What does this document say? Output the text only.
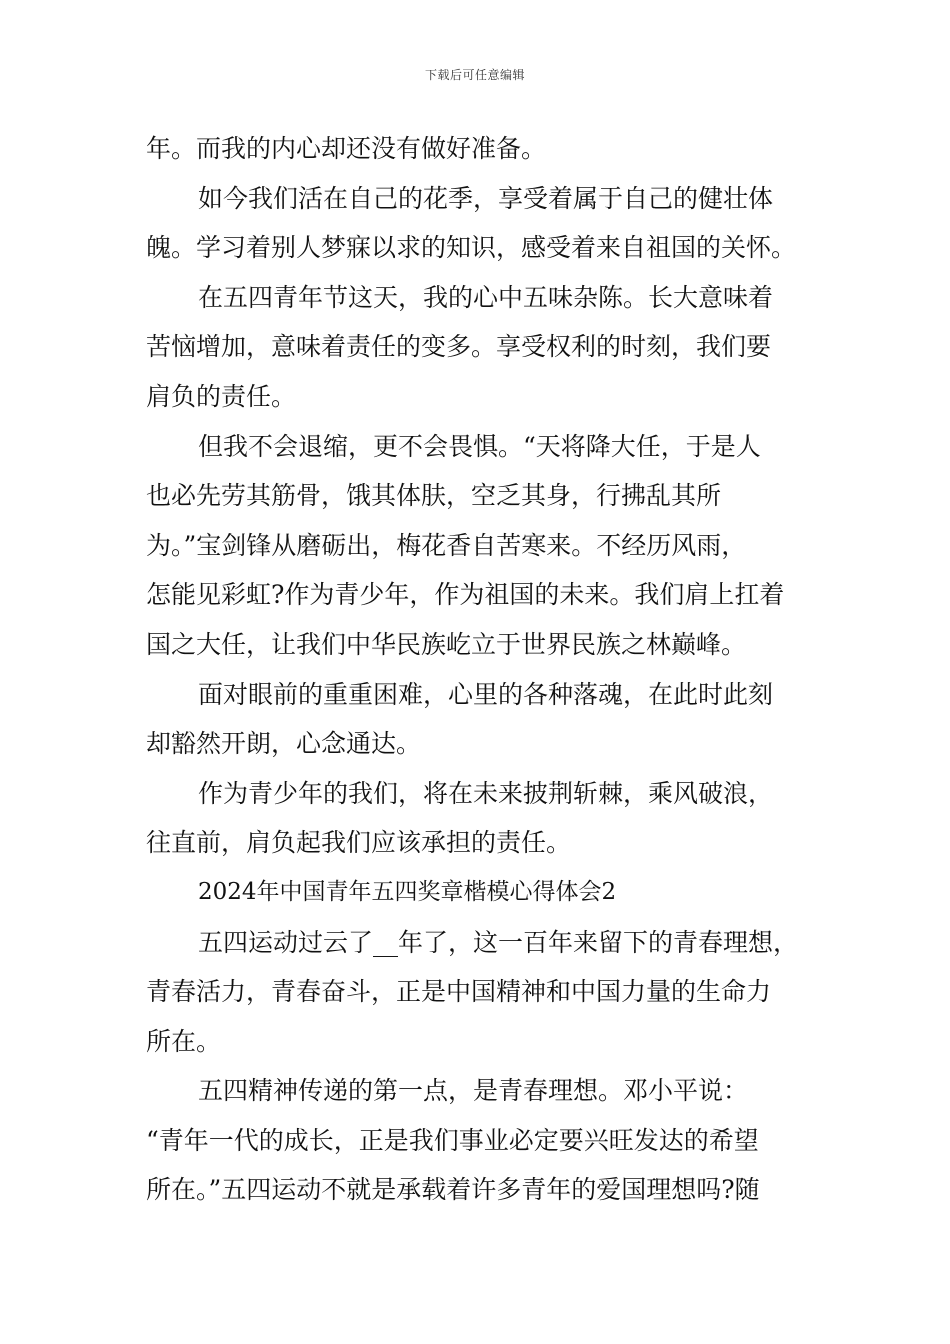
下载后可任意编辑

年。而我的内心却还没有做好准备。

如今我们活在自己的花季，享受着属于自己的健壮体

魄。学习着别人梦寐以求的知识，感受着来自祖国的关怀。

在五四青年节这天，我的心中五味杂陈。长大意味着

苦恼增加，意味着责任的变多。享受权利的时刻，我们要

肩负的责任。

但我不会退缩，更不会畏惧。“天将降大任，于是人

也必先劳其筋骨，饿其体肤，空乏其身，行拂乱其所

为。”宝剑锋从磨砺出，梅花香自苦寒来。不经历风雨，

怎能见彩虹?作为青少年，作为祖国的未来。我们肩上扛着

国之大任，让我们中华民族屹立于世界民族之林巅峰。

面对眼前的重重困难，心里的各种落魂，在此时此刻

却豁然开朗，心念通达。

作为青少年的我们，将在未来披荆斩棘，乘风破浪，

往直前，肩负起我们应该承担的责任。

2024年中国青年五四奖章楷模心得体会2

五四运动过云了__年了，这一百年来留下的青春理想，

青春活力，青春奋斗，正是中国精神和中国力量的生命力

所在。

五四精神传递的第一点，是青春理想。邓小平说：

“青年一代的成长，正是我们事业必定要兴旺发达的希望

所在。”五四运动不就是承载着许多青年的爱国理想吗?随
